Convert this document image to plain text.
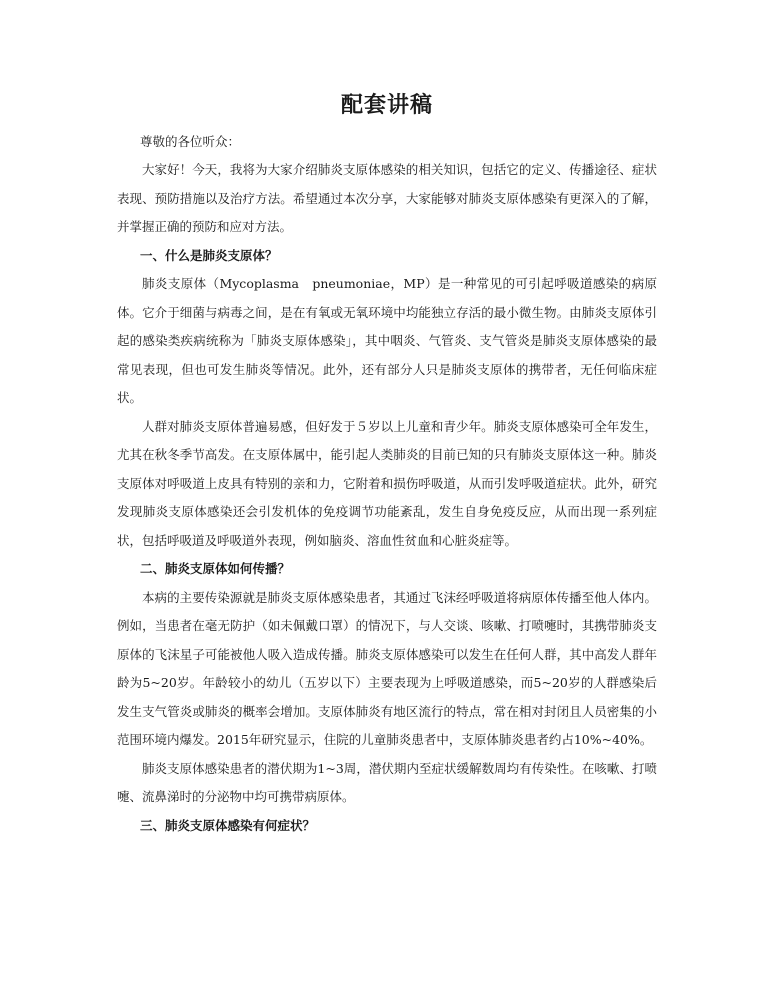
配套讲稿

尊敬的各位听众：

大家好！今天，我将为大家介绍肺炎支原体感染的相关知识，包括它的定义、传播途径、症状表现、预防措施以及治疗方法。希望通过本次分享，大家能够对肺炎支原体感染有更深入的了解，并掌握正确的预防和应对方法。

一、什么是肺炎支原体？

肺炎支原体（Mycoplasma　pneumoniae，MP）是一种常见的可引起呼吸道感染的病原体。它介于细菌与病毒之间，是在有氧或无氧环境中均能独立存活的最小微生物。由肺炎支原体引起的感染类疾病统称为「肺炎支原体感染」，其中咽炎、气管炎、支气管炎是肺炎支原体感染的最常见表现，但也可发生肺炎等情况。此外，还有部分人只是肺炎支原体的携带者，无任何临床症状。

人群对肺炎支原体普遍易感，但好发于５岁以上儿童和青少年。肺炎支原体感染可全年发生，尤其在秋冬季节高发。在支原体属中，能引起人类肺炎的目前已知的只有肺炎支原体这一种。肺炎支原体对呼吸道上皮具有特别的亲和力，它附着和损伤呼吸道，从而引发呼吸道症状。此外，研究发现肺炎支原体感染还会引发机体的免疫调节功能紊乱，发生自身免疫反应，从而出现一系列症状，包括呼吸道及呼吸道外表现，例如脑炎、溶血性贫血和心脏炎症等。

二、肺炎支原体如何传播？

本病的主要传染源就是肺炎支原体感染患者，其通过飞沫经呼吸道将病原体传播至他人体内。例如，当患者在毫无防护（如未佩戴口罩）的情况下，与人交谈、咳嗽、打喷嚏时，其携带肺炎支原体的飞沫星子可能被他人吸入造成传播。肺炎支原体感染可以发生在任何人群，其中高发人群年龄为5~20岁。年龄较小的幼儿（五岁以下）主要表现为上呼吸道感染，而5~20岁的人群感染后发生支气管炎或肺炎的概率会增加。支原体肺炎有地区流行的特点，常在相对封闭且人员密集的小范围环境内爆发。2015年研究显示，住院的儿童肺炎患者中，支原体肺炎患者约占10%~40%。

肺炎支原体感染患者的潜伏期为1~3周，潜伏期内至症状缓解数周均有传染性。在咳嗽、打喷嚏、流鼻涕时的分泌物中均可携带病原体。

三、肺炎支原体感染有何症状？
